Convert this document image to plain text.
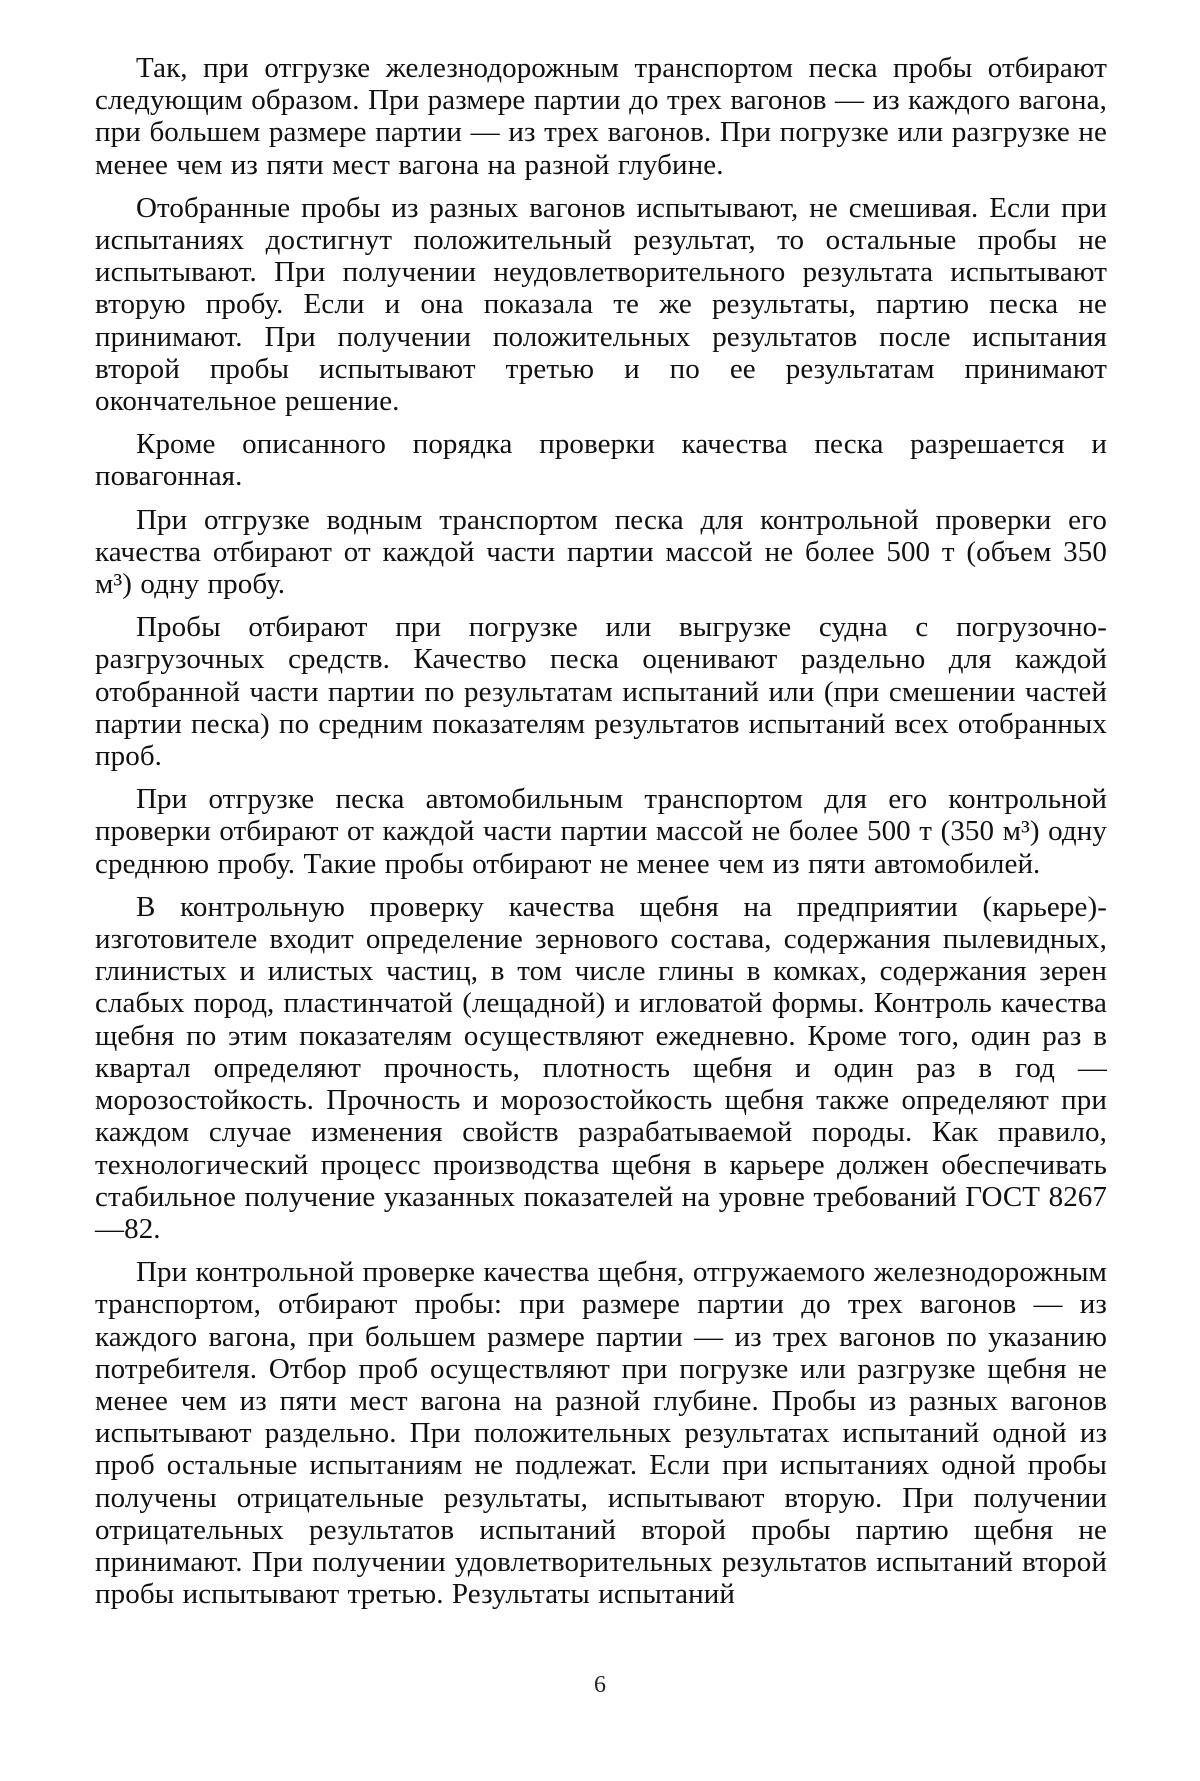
Так, при отгрузке железнодорожным транспортом песка пробы отбирают следующим образом. При размере партии до трех вагонов — из каждого вагона, при большем размере партии — из трех вагонов. При погрузке или разгрузке не менее чем из пяти мест вагона на разной глубине.

Отобранные пробы из разных вагонов испытывают, не смешивая. Если при испытаниях достигнут положительный результат, то остальные пробы не испытывают. При получении неудовлетворительного результата испытывают вторую пробу. Если и она показала те же результаты, партию песка не принимают. При получении положительных результатов после испытания второй пробы испытывают третью и по ее результатам принимают окончательное решение.

Кроме описанного порядка проверки качества песка разрешается и повагонная.

При отгрузке водным транспортом песка для контрольной проверки его качества отбирают от каждой части партии массой не более 500 т (объем 350 м³) одну пробу.

Пробы отбирают при погрузке или выгрузке судна с погрузочно-разгрузочных средств. Качество песка оценивают раздельно для каждой отобранной части партии по результатам испытаний или (при смешении частей партии песка) по средним показателям результатов испытаний всех отобранных проб.

При отгрузке песка автомобильным транспортом для его контрольной проверки отбирают от каждой части партии массой не более 500 т (350 м³) одну среднюю пробу. Такие пробы отбирают не менее чем из пяти автомобилей.

В контрольную проверку качества щебня на предприятии (карьере)-изготовителе входит определение зернового состава, содержания пылевидных, глинистых и илистых частиц, в том числе глины в комках, содержания зерен слабых пород, пластинчатой (лещадной) и игловатой формы. Контроль качества щебня по этим показателям осуществляют ежедневно. Кроме того, один раз в квартал определяют прочность, плотность щебня и один раз в год — морозостойкость. Прочность и морозостойкость щебня также определяют при каждом случае изменения свойств разрабатываемой породы. Как правило, технологический процесс производства щебня в карьере должен обеспечивать стабильное получение указанных показателей на уровне требований ГОСТ 8267—82.

При контрольной проверке качества щебня, отгружаемого железнодорожным транспортом, отбирают пробы: при размере партии до трех вагонов — из каждого вагона, при большем размере партии — из трех вагонов по указанию потребителя. Отбор проб осуществляют при погрузке или разгрузке щебня не менее чем из пяти мест вагона на разной глубине. Пробы из разных вагонов испытывают раздельно. При положительных результатах испытаний одной из проб остальные испытаниям не подлежат. Если при испытаниях одной пробы получены отрицательные результаты, испытывают вторую. При получении отрицательных результатов испытаний второй пробы партию щебня не принимают. При получении удовлетворительных результатов испытаний второй пробы испытывают третью. Результаты испытаний

6
